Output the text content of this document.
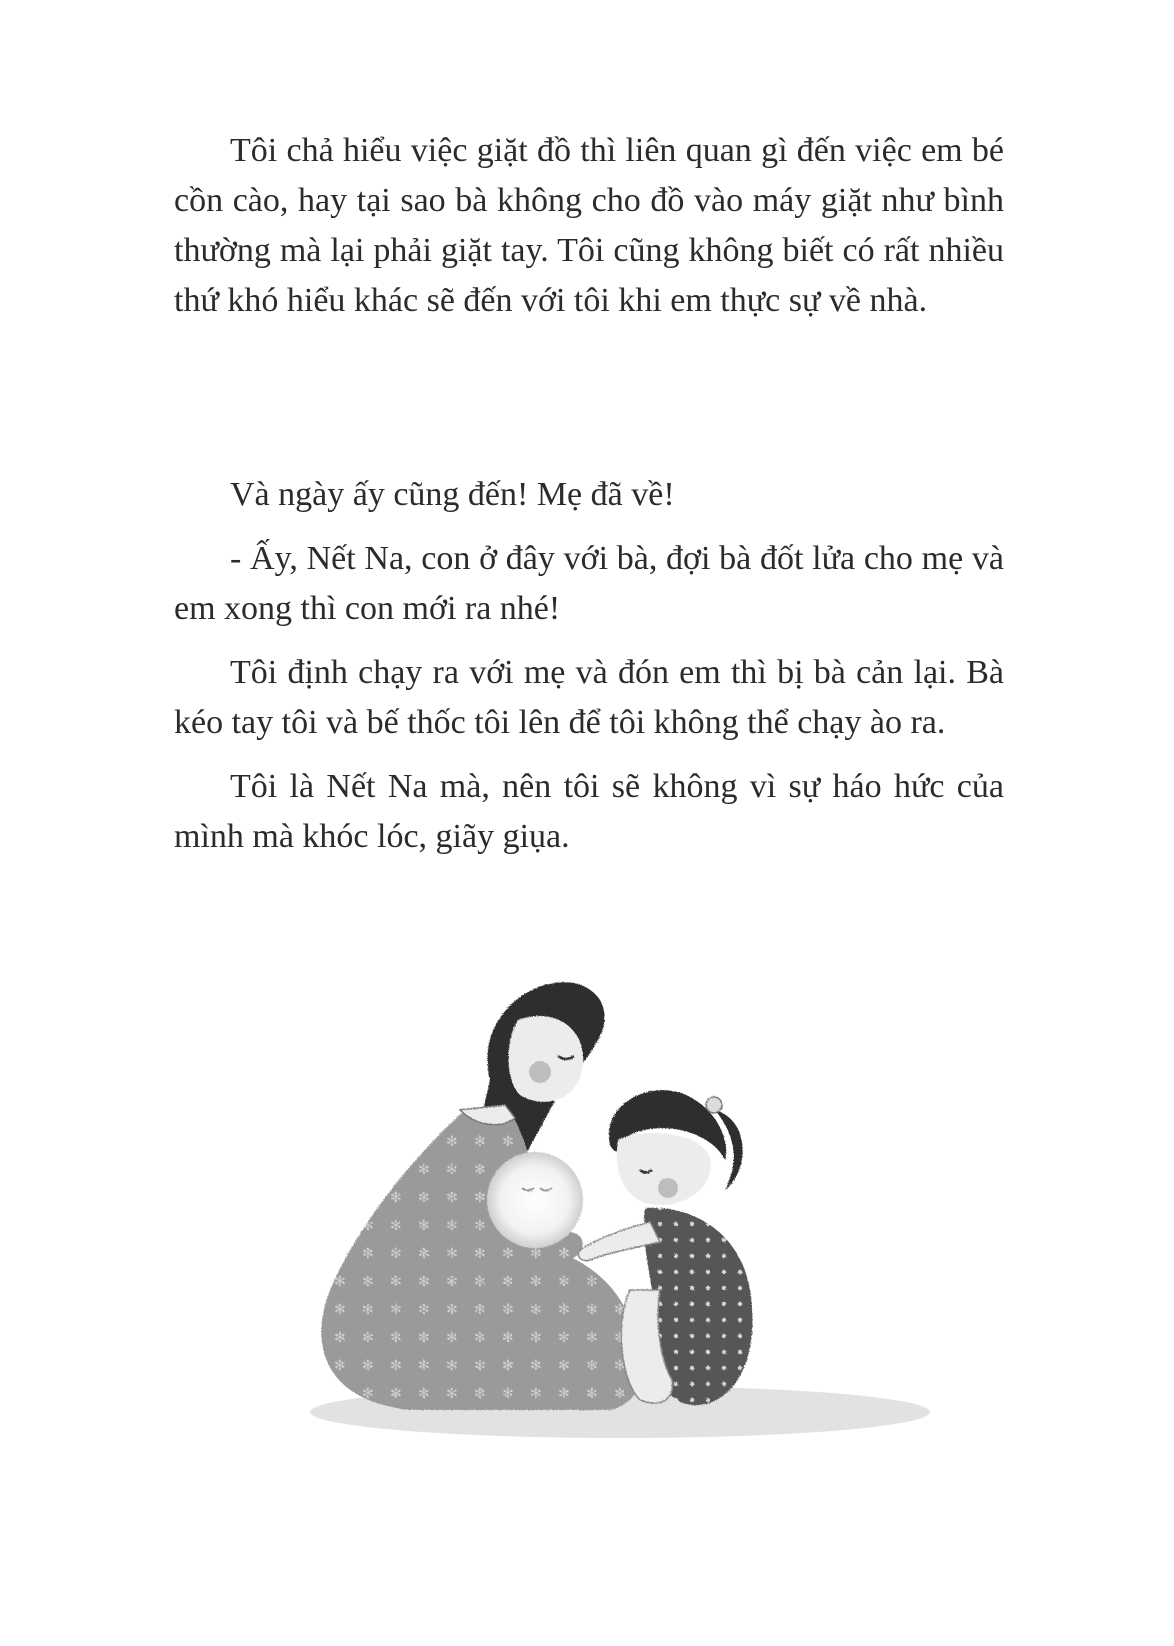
Tôi chả hiểu việc giặt đồ thì liên quan gì đến việc em bé cồn cào, hay tại sao bà không cho đồ vào máy giặt như bình thường mà lại phải giặt tay. Tôi cũng không biết có rất nhiều thứ khó hiểu khác sẽ đến với tôi khi em thực sự về nhà.

Và ngày ấy cũng đến! Mẹ đã về!

- Ấy, Nết Na, con ở đây với bà, đợi bà đốt lửa cho mẹ và em xong thì con mới ra nhé!

Tôi định chạy ra với mẹ và đón em thì bị bà cản lại. Bà kéo tay tôi và bế thốc tôi lên để tôi không thể chạy ào ra.

Tôi là Nết Na mà, nên tôi sẽ không vì sự háo hức của mình mà khóc lóc, giãy giụa.
